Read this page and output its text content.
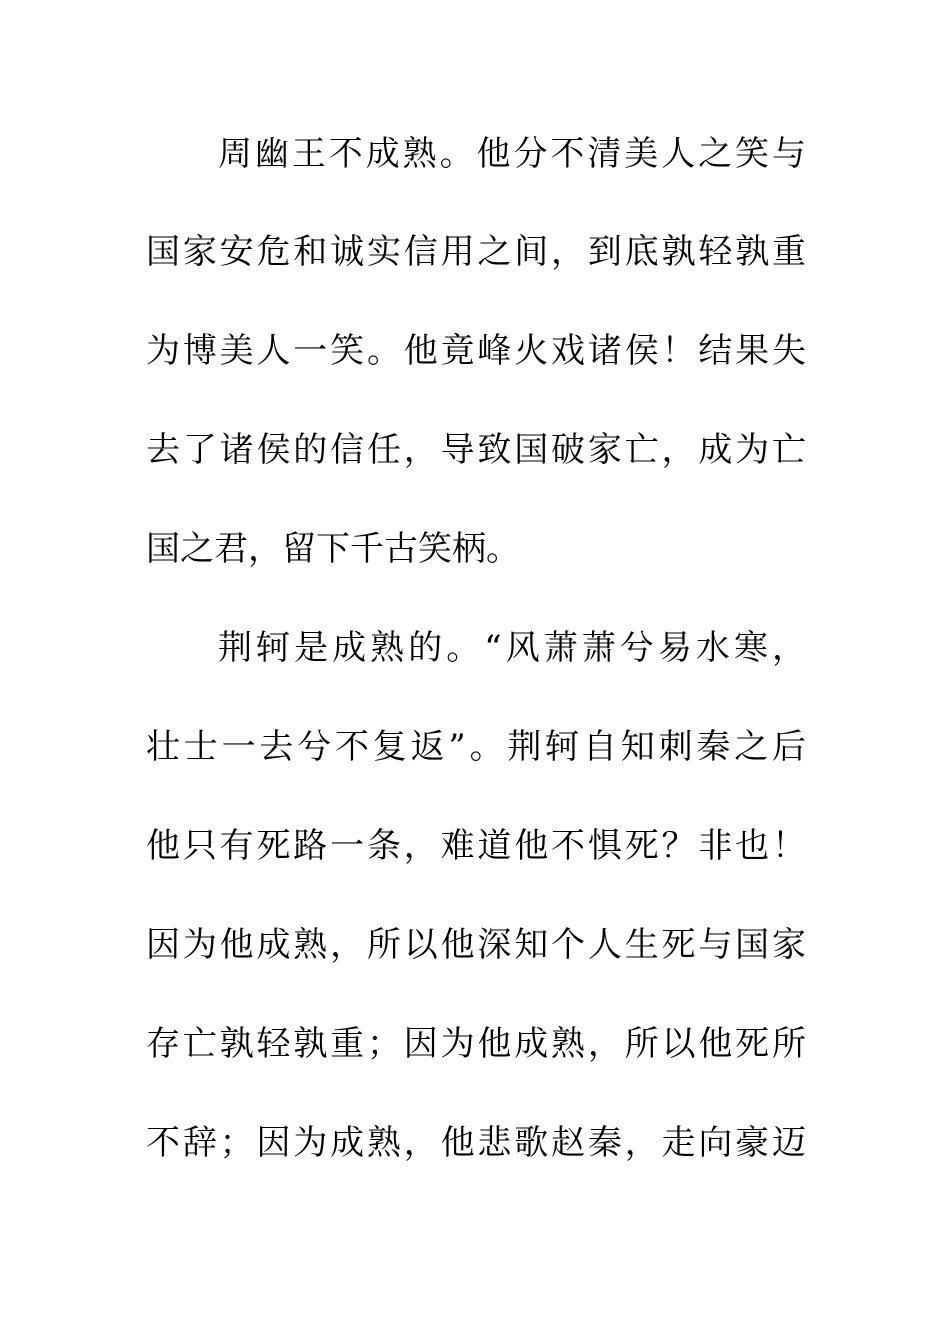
周幽王不成熟。他分不清美人之笑与
国家安危和诚实信用之间，到底孰轻孰重
为博美人一笑。他竟峰火戏诸侯！结果失
去了诸侯的信任，导致国破家亡，成为亡
国之君，留下千古笑柄。
荆轲是成熟的。“风萧萧兮易水寒，
壮士一去兮不复返”。荆轲自知刺秦之后
他只有死路一条，难道他不惧死？非也！
因为他成熟，所以他深知个人生死与国家
存亡孰轻孰重；因为他成熟，所以他死所
不辞；因为成熟，他悲歌赵秦，走向豪迈
